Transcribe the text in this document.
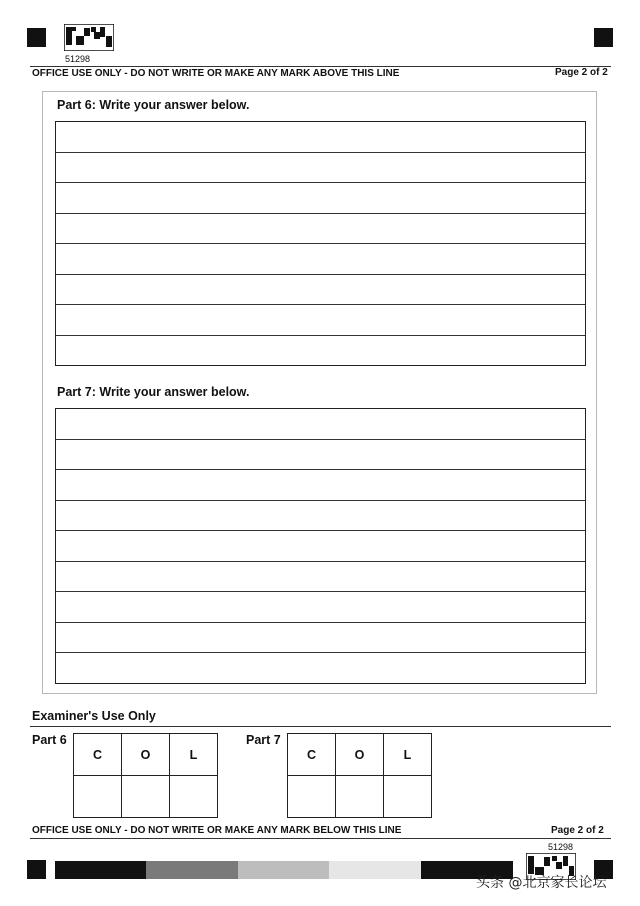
51298
OFFICE USE ONLY - DO NOT WRITE OR MAKE ANY MARK ABOVE THIS LINE	Page 2 of 2
Part 6: Write your answer below.
Part 7: Write your answer below.
Examiner's Use Only
Part 6
C	O	L

Part 7
C	O	L

OFFICE USE ONLY - DO NOT WRITE OR MAKE ANY MARK BELOW THIS LINE	Page 2 of 2
51298
头条 @北京家长论坛
